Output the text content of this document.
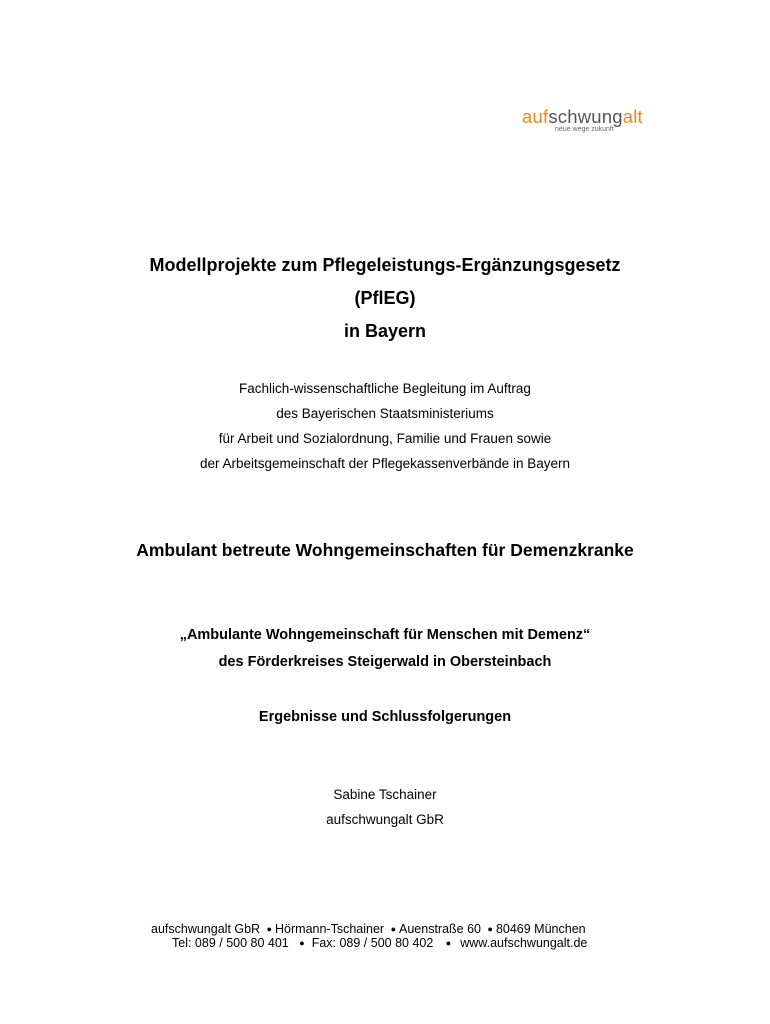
aufschwungalt
neue wege zukunft
Modellprojekte zum Pflegeleistungs-Ergänzungsgesetz
(PflEG)
in Bayern
Fachlich-wissenschaftliche Begleitung im Auftrag
des Bayerischen Staatsministeriums
für Arbeit und Sozialordnung, Familie und Frauen sowie
der Arbeitsgemeinschaft der Pflegekassenverbände in Bayern
Ambulant betreute Wohngemeinschaften für Demenzkranke
„Ambulante Wohngemeinschaft für Menschen mit Demenz“
des Förderkreises Steigerwald in Obersteinbach
Ergebnisse und Schlussfolgerungen
Sabine Tschainer
aufschwungalt GbR
aufschwungalt GbR ● Hörmann-Tschainer ● Auenstraße 60 ● 80469 München
Tel: 089 / 500 80 401 ● Fax: 089 / 500 80 402 ● www.aufschwungalt.de
